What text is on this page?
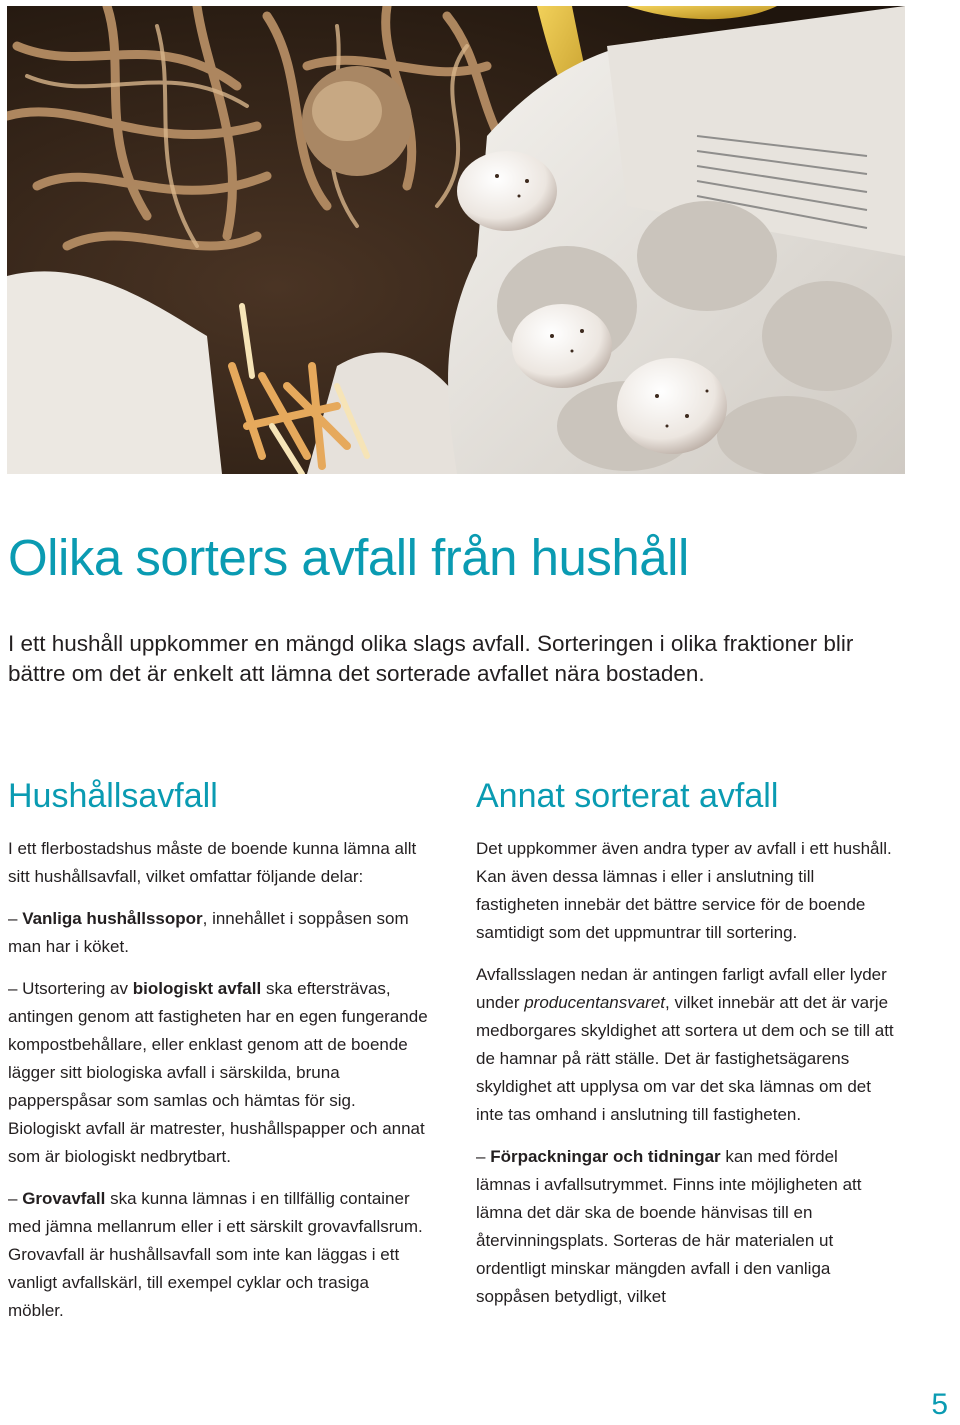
Olika sorters avfall från hushåll

I ett hushåll uppkommer en mängd olika slags avfall. Sorteringen i olika fraktioner blir bättre om det är enkelt att lämna det sorterade avfallet nära bostaden.

Hushållsavfall

I ett flerbostadshus måste de boende kunna lämna allt sitt hushållsavfall, vilket omfattar följande delar:

– Vanliga hushållssopor, innehållet i soppåsen som man har i köket.

– Utsortering av biologiskt avfall ska eftersträvas, antingen genom att fastigheten har en egen fungerande kompostbehållare, eller enklast genom att de boende lägger sitt biologiska avfall i särskilda, bruna papperspåsar som samlas och hämtas för sig. Biologiskt avfall är matrester, hushållspapper och annat som är biologiskt nedbrytbart.

– Grovavfall ska kunna lämnas i en tillfällig container med jämna mellanrum eller i ett särskilt grovavfallsrum. Grovavfall är hushållsavfall som inte kan läggas i ett vanligt avfallskärl, till exempel cyklar och trasiga möbler.

Annat sorterat avfall

Det uppkommer även andra typer av avfall i ett hushåll. Kan även dessa lämnas i eller i anslutning till fastigheten innebär det bättre service för de boende samtidigt som det uppmuntrar till sortering.

Avfallsslagen nedan är antingen farligt avfall eller lyder under producentansvaret, vilket innebär att det är varje medborgares skyldighet att sortera ut dem och se till att de hamnar på rätt ställe. Det är fastighetsägarens skyldighet att upplysa om var det ska lämnas om det inte tas omhand i anslutning till fastigheten.

– Förpackningar och tidningar kan med fördel lämnas i avfallsutrymmet. Finns inte möjligheten att lämna det där ska de boende hänvisas till en återvinningsplats. Sorteras de här materialen ut ordentligt minskar mängden avfall i den vanliga soppåsen betydligt, vilket

5
